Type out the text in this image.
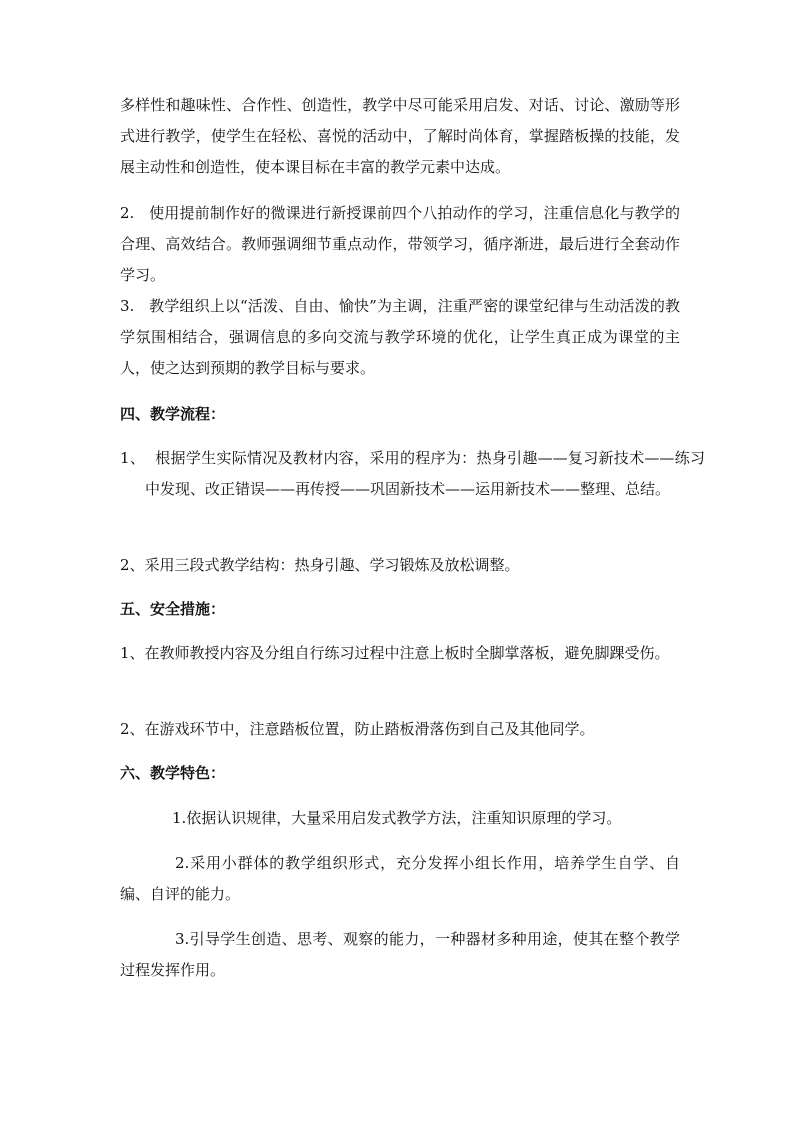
多样性和趣味性、合作性、创造性，教学中尽可能采用启发、对话、讨论、激励等形式进行教学，使学生在轻松、喜悦的活动中，了解时尚体育，掌握踏板操的技能，发展主动性和创造性，使本课目标在丰富的教学元素中达成。

2.   使用提前制作好的微课进行新授课前四个八拍动作的学习，注重信息化与教学的合理、高效结合。教师强调细节重点动作，带领学习，循序渐进，最后进行全套动作学习。

3.   教学组织上以“活泼、自由、愉快”为主调，注重严密的课堂纪律与生动活泼的教学氛围相结合，强调信息的多向交流与教学环境的优化，让学生真正成为课堂的主人，使之达到预期的教学目标与要求。

四、教学流程：

1、  根据学生实际情况及教材内容，采用的程序为：热身引趣——复习新技术——练习中发现、改正错误——再传授——巩固新技术——运用新技术——整理、总结。

2、采用三段式教学结构：热身引趣、学习锻炼及放松调整。

五、安全措施：

1、在教师教授内容及分组自行练习过程中注意上板时全脚掌落板，避免脚踝受伤。

2、在游戏环节中，注意踏板位置，防止踏板滑落伤到自己及其他同学。

六、教学特色：

1.依据认识规律，大量采用启发式教学方法，注重知识原理的学习。

2.采用小群体的教学组织形式，充分发挥小组长作用，培养学生自学、自编、自评的能力。

3.引导学生创造、思考、观察的能力，一种器材多种用途，使其在整个教学过程发挥作用。
